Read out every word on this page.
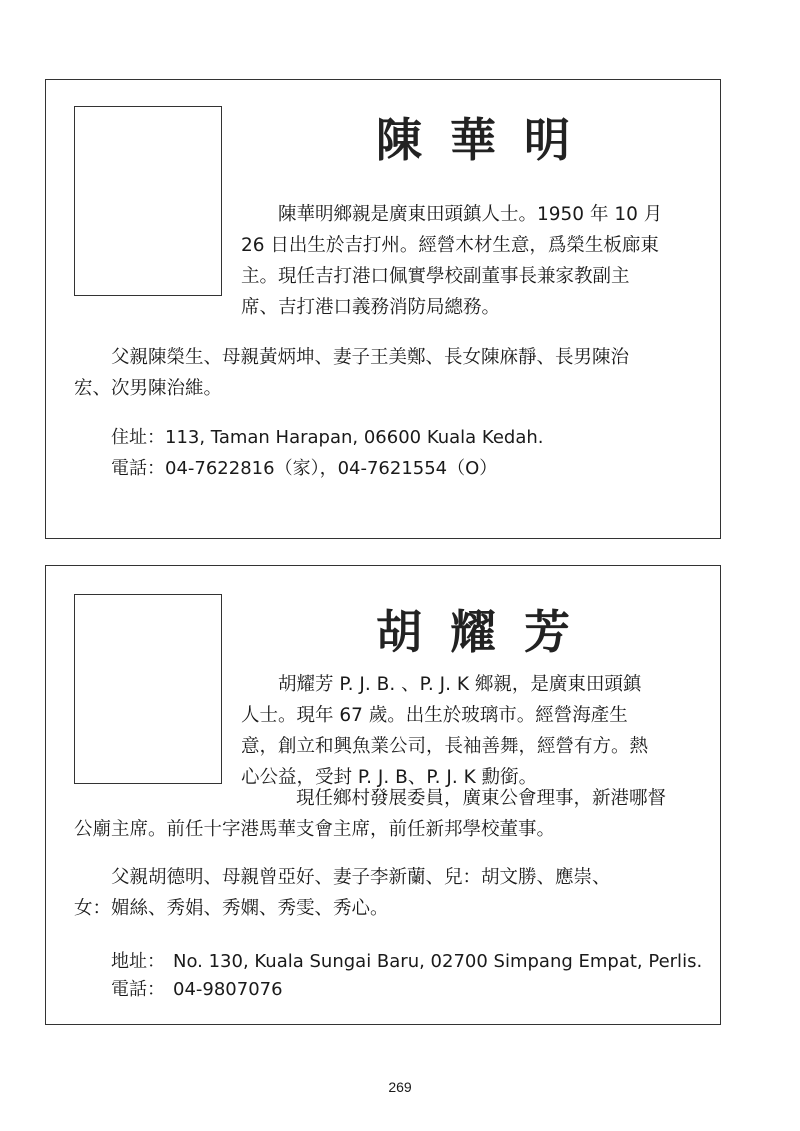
陳華明
陳華明鄉親是廣東田頭鎮人士。1950 年 10 月
26 日出生於吉打州。經營木材生意，爲榮生板廊東
主。現任吉打港口佩實學校副董事長兼家教副主
席、吉打港口義務消防局總務。
父親陳榮生、母親黃炳坤、妻子王美鄭、長女陳庥靜、長男陳治
宏、次男陳治維。
住址：113, Taman Harapan, 06600 Kuala Kedah.
電話：04-7622816（家），04-7621554（O）
胡耀芳
胡耀芳 P. J. B. 、P. J. K 鄉親，是廣東田頭鎮
人士。現年 67 歲。出生於玻璃市。經營海產生
意，創立和興魚業公司，長袖善舞，經營有方。熱
心公益，受封 P. J. B、P. J. K 勳銜。
現任鄉村發展委員，廣東公會理事，新港哪督
公廟主席。前任十字港馬華支會主席，前任新邦學校董事。
父親胡德明、母親曾亞好、妻子李新蘭、兒：胡文勝、應崇、
女：媚絲、秀娟、秀嫻、秀雯、秀心。
地址： No. 130, Kuala Sungai Baru, 02700 Simpang Empat, Perlis.
電話： 04-9807076
269
